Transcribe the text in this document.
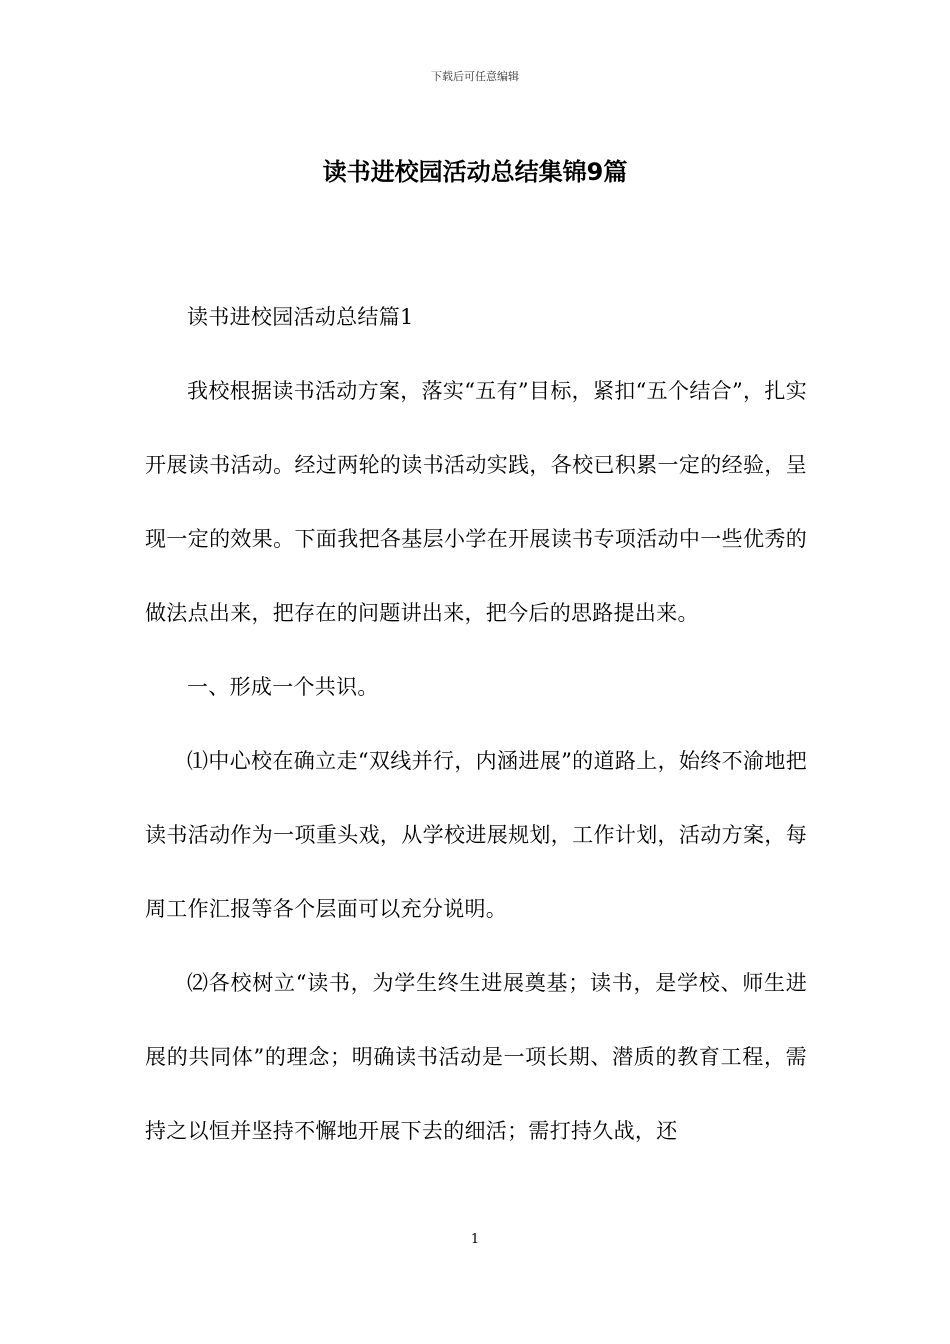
下载后可任意编辑
读书进校园活动总结集锦9篇

读书进校园活动总结篇1

我校根据读书活动方案，落实“五有”目标，紧扣“五个结合”，扎实开展读书活动。经过两轮的读书活动实践，各校已积累一定的经验，呈现一定的效果。下面我把各基层小学在开展读书专项活动中一些优秀的做法点出来，把存在的问题讲出来，把今后的思路提出来。

一、形成一个共识。

⑴中心校在确立走“双线并行，内涵进展”的道路上，始终不渝地把读书活动作为一项重头戏，从学校进展规划，工作计划，活动方案，每周工作汇报等各个层面可以充分说明。

⑵各校树立“读书，为学生终生进展奠基；读书，是学校、师生进展的共同体”的理念；明确读书活动是一项长期、潜质的教育工程，需持之以恒并坚持不懈地开展下去的细活；需打持久战，还

1
